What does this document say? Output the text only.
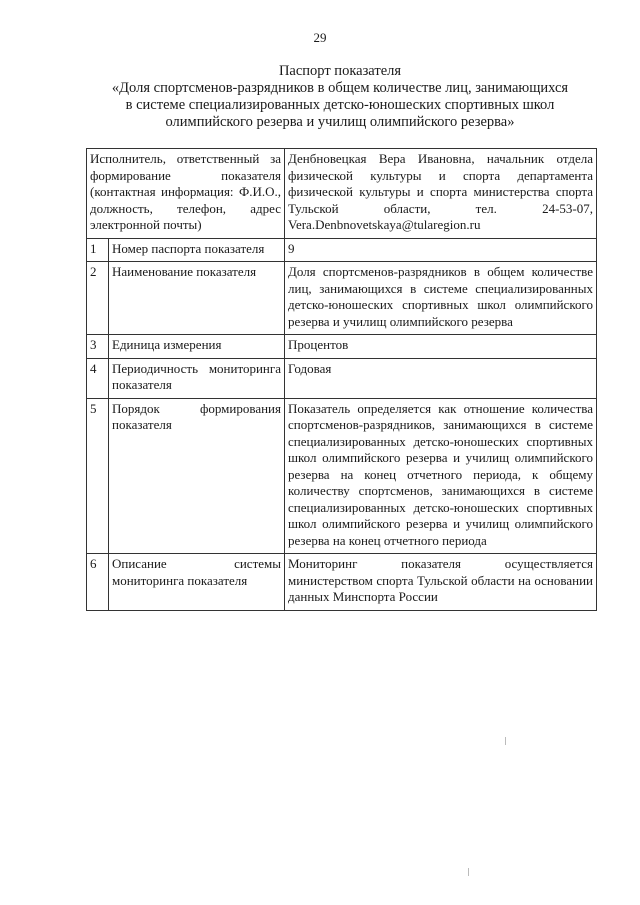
29
Паспорт показателя
«Доля спортсменов-разрядников в общем количестве лиц, занимающихся
в системе специализированных детско-юношеских спортивных школ
олимпийского резерва и училищ олимпийского резерва»
Исполнитель, ответственный за формирование показателя (контактная информация: Ф.И.О., должность, телефон, адрес электронной почты)		Денбновецкая Вера Ивановна, начальник отдела физической культуры и спорта департамента физической культуры и спорта министерства спорта Тульской области, тел. 24-53-07, Vera.Denbnovetskaya@tularegion.ru
1	Номер паспорта показателя	9
2	Наименование показателя	Доля спортсменов-разрядников в общем количестве лиц, занимающихся в системе специализированных детско-юношеских спортивных школ олимпийского резерва и училищ олимпийского резерва
3	Единица измерения	Процентов
4	Периодичность мониторинга показателя	Годовая
5	Порядок формирования показателя	Показатель определяется как отношение количества спортсменов-разрядников, занимающихся в системе специализированных детско-юношеских спортивных школ олимпийского резерва и училищ олимпийского резерва на конец отчетного периода, к общему количеству спортсменов, занимающихся в системе специализированных детско-юношеских спортивных школ олимпийского резерва и училищ олимпийского резерва на конец отчетного периода
6	Описание системы мониторинга показателя	Мониторинг показателя осуществляется министерством спорта Тульской области на основании данных Минспорта России
